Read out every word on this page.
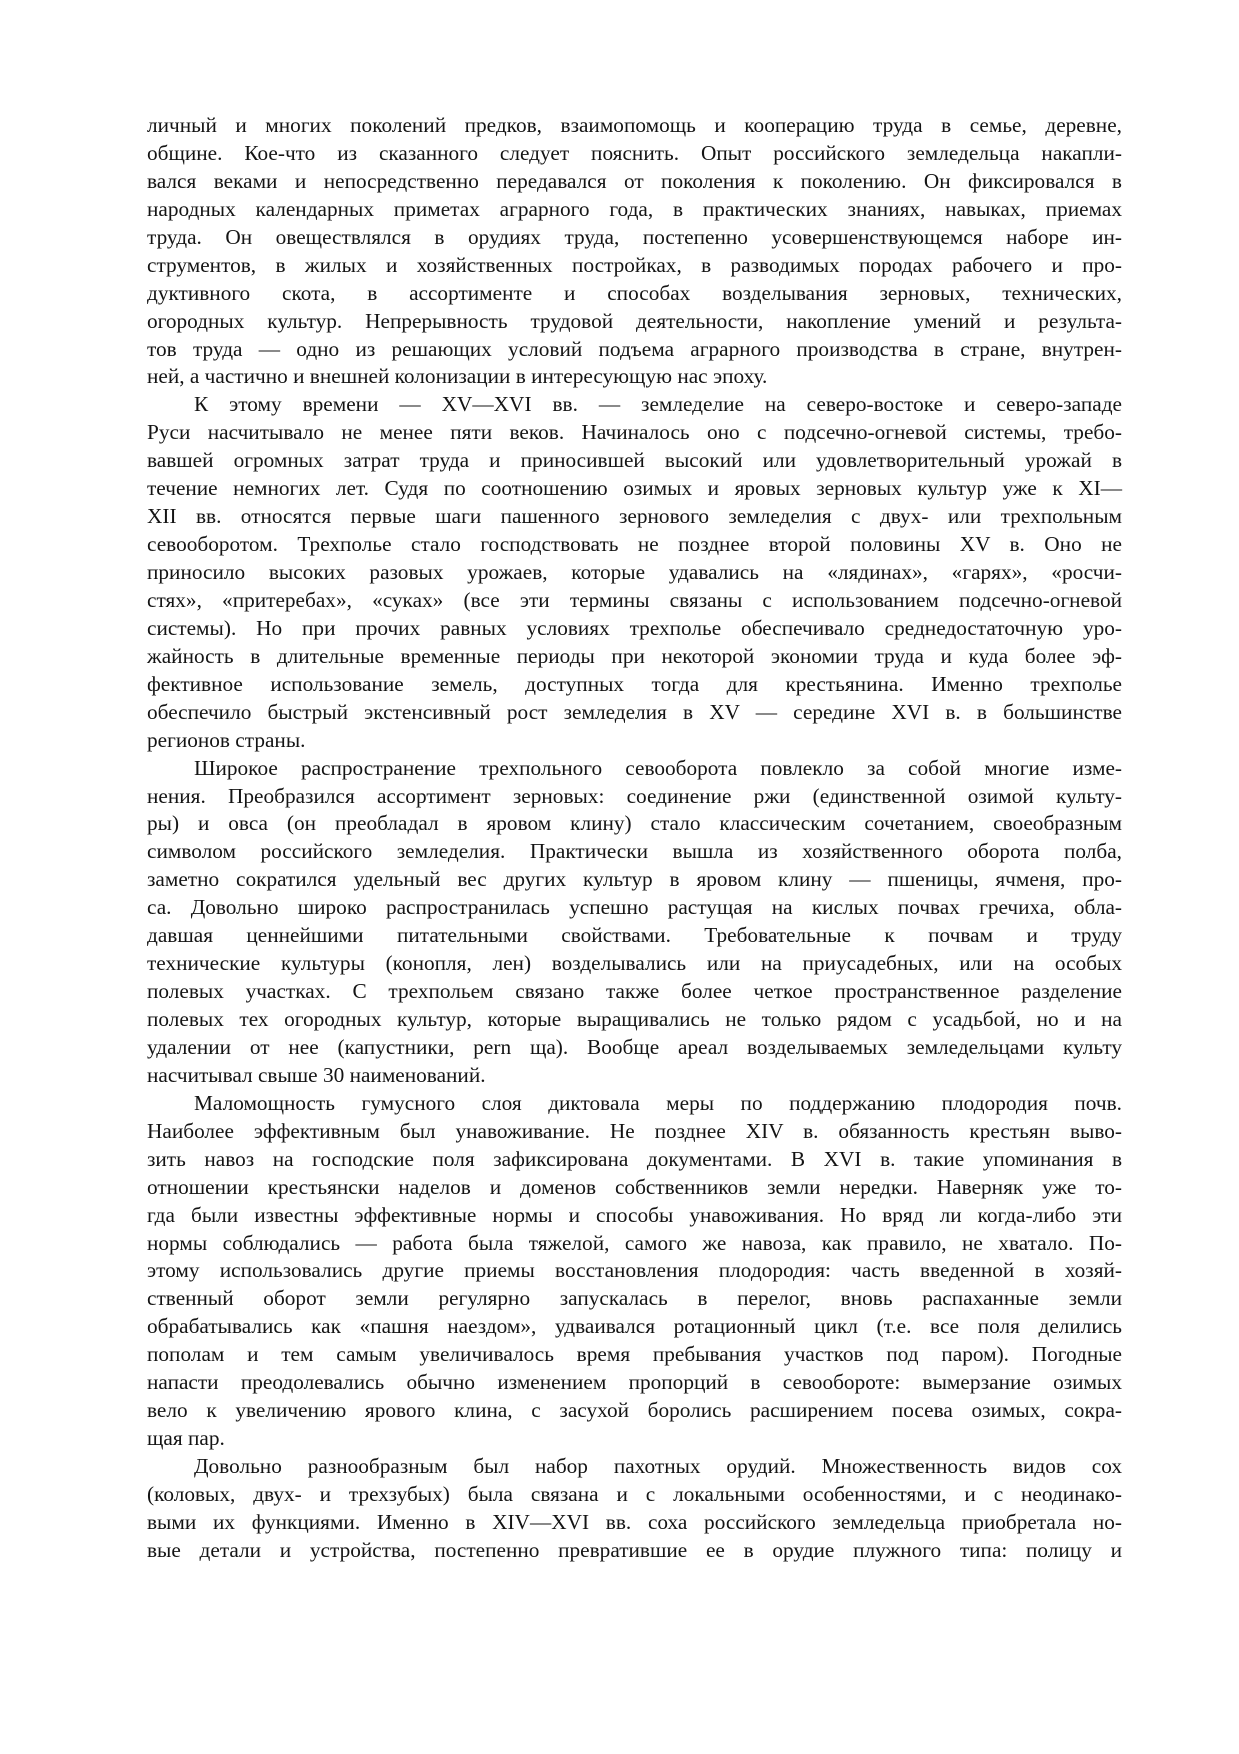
личный и многих поколений предков, взаимопомощь и кооперацию труда в семье, деревне,
общине. Кое-что из сказанного следует пояснить. Опыт российского земледельца накапли-
вался веками и непосредственно передавался от поколения к поколению. Он фиксировался в
народных календарных приметах аграрного года, в практических знаниях, навыках, приемах
труда. Он овеществлялся в орудиях труда, постепенно усовершенствующемся наборе ин-
струментов, в жилых и хозяйственных постройках, в разводимых породах рабочего и про-
дуктивного скота, в ассортименте и способах возделывания зерновых, технических,
огородных культур. Непрерывность трудовой деятельности, накопление умений и результа-
тов труда — одно из решающих условий подъема аграрного производства в стране, внутрен-
ней, а частично и внешней колонизации в интересующую нас эпоху.
К этому времени — XV—XVI вв. — земледелие на северо-востоке и северо-западе
Руси насчитывало не менее пяти веков. Начиналось оно с подсечно-огневой системы, требо-
вавшей огромных затрат труда и приносившей высокий или удовлетворительный урожай в
течение немногих лет. Судя по соотношению озимых и яровых зерновых культур уже к XI—
XII вв. относятся первые шаги пашенного зернового земледелия с двух- или трехпольным
севооборотом. Трехполье стало господствовать не позднее второй половины XV в. Оно не
приносило высоких разовых урожаев, которые удавались на «лядинах», «гарях», «росчи-
стях», «притеребах», «суках» (все эти термины связаны с использованием подсечно-огневой
системы). Но при прочих равных условиях трехполье обеспечивало среднедостаточную уро-
жайность в длительные временные периоды при некоторой экономии труда и куда более эф-
фективное использование земель, доступных тогда для крестьянина. Именно трехполье
обеспечило быстрый экстенсивный рост земледелия в XV — середине XVI в. в большинстве
регионов страны.
Широкое распространение трехпольного севооборота повлекло за собой многие изме-
нения. Преобразился ассортимент зерновых: соединение ржи (единственной озимой культу-
ры) и овса (он преобладал в яровом клину) стало классическим сочетанием, своеобразным
символом российского земледелия. Практически вышла из хозяйственного оборота полба,
заметно сократился удельный вес других культур в яровом клину — пшеницы, ячменя, про-
са. Довольно широко распространилась успешно растущая на кислых почвах гречиха, обла-
давшая ценнейшими питательными свойствами. Требовательные к почвам и труду
технические культуры (конопля, лен) возделывались или на приусадебных, или на особых
полевых участках. С трехпольем связано также более четкое пространственное разделение
полевых тех огородных культур, которые выращивались не только рядом с усадьбой, но и на
удалении от нее (капустники, pern ща). Вообще ареал возделываемых земледельцами культу
насчитывал свыше 30 наименований.
Маломощность гумусного слоя диктовала меры по поддержанию плодородия почв.
Наиболее эффективным был унавоживание. Не позднее XIV в. обязанность крестьян выво-
зить навоз на господские поля зафиксирована документами. В XVI в. такие упоминания в
отношении крестьянски наделов и доменов собственников земли нередки. Наверняк уже то-
гда были известны эффективные нормы и способы унавоживания. Но вряд ли когда-либо эти
нормы соблюдались — работа была тяжелой, самого же навоза, как правило, не хватало. По-
этому использовались другие приемы восстановления плодородия: часть введенной в хозяй-
ственный оборот земли регулярно запускалась в перелог, вновь распаханные земли
обрабатывались как «пашня наездом», удваивался ротационный цикл (т.е. все поля делились
пополам и тем самым увеличивалось время пребывания участков под паром). Погодные
напасти преодолевались обычно изменением пропорций в севообороте: вымерзание озимых
вело к увеличению ярового клина, с засухой боролись расширением посева озимых, сокра-
щая пар.
Довольно разнообразным был набор пахотных орудий. Множественность видов сох
(коловых, двух- и трехзубых) была связана и с локальными особенностями, и с неодинако-
выми их функциями. Именно в XIV—XVI вв. соха российского земледельца приобретала но-
вые детали и устройства, постепенно превратившие ее в орудие плужного типа: полицу и
